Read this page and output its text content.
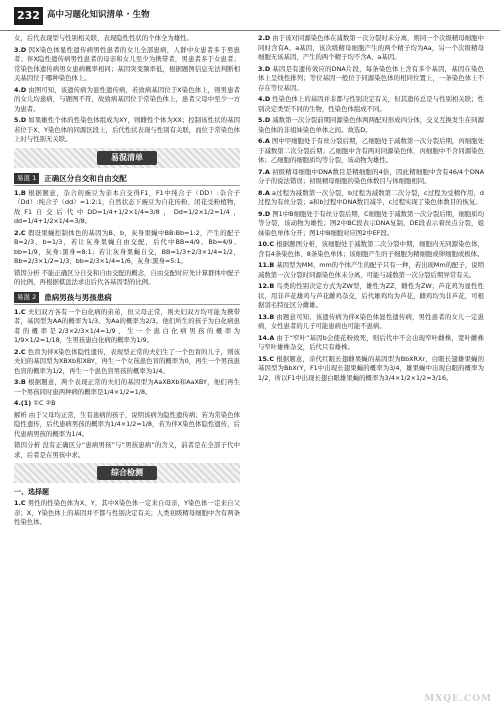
232 高中习题化知识清单 · 生物

女，后代表现型与性别相关联，表现隐性性状的个体全为雄性。

3.D 因X染色体显性遗传病男性患者的女儿全部患病，人群中女患者多于男患者；伴X隐性遗传病男性患者的母亲和女儿至少为携带者，男患者多于女患者；常染色体遗传病男女患病概率相同；基因突变频率低，根据题图信息无法判断相关基因位于哪种染色体上。

4.D 由图可知，该遗传病为显性遗传病，若致病基因位于X染色体上，则男患者的女儿均患病，与题图不符，故致病基因位于常染色体上，患者父母中至少一方为患者。

5.D 如果雄性个体的性染色体组成为XY，则雌性个体为XX；控制该性状的基因若位于X、Y染色体的同源区段上，后代性状表现与性别有关联，而位于常染色体上时与性别无关联。

易混清单
易混 1	正确区分自交和自由交配

1.B 根据题意，杂合的豌豆为亲本自交得F1，F1中纯合子（DD）:杂合子（Dd）:纯合子（dd）=1:2:1，自然状态下豌豆为自花传粉、闭花受粉植物，故F1自交后代中DD=1/4+1/2×1/4=3/8，Dd=1/2×1/2=1/4，dd=1/4+1/2×1/4=3/8。

2.C 假设果蝇控制体色的基因为B、b，灰身果蝇中BB:Bb=1:2，产生的配子B=2/3、b=1/3，若让灰身果蝇自由交配，后代中BB=4/9、Bb=4/9、bb=1/9，灰身:黑身=8:1；若让灰身果蝇自交，BB=1/3+2/3×1/4=1/2，Bb=2/3×1/2=1/3，bb=2/3×1/4=1/6，灰身:黑身=5:1。

错因分析 不能正确区分自交和自由交配的概念，自由交配时应先计算群体中配子的比例，再根据棋盘法求出后代各基因型的比例。

易混 2	患病男孩与男孩患病

1.C 夫妇双方各有一个白化病的弟弟，但父母正常，则夫妇双方均可能为携带者，基因型为AA的概率为1/3、为Aa的概率为2/3。他们所生的孩子为白化病患者的概率是2/3×2/3×1/4=1/9，生一个患白化病男孩的概率为1/9×1/2=1/18，生男孩患白化病的概率为1/9。

2.C 色盲为伴X染色体隐性遗传，表现型正常的夫妇生了一个色盲的儿子，则该夫妇的基因型为XBXb和XBY，再生一个女孩患色盲的概率为0，再生一个男孩患色盲的概率为1/2，再生一个患色盲男孩的概率为1/4。

3.B 根据题意，两个表现正常的夫妇的基因型为AaXBXb和AaXBY，他们再生一个男孩同时患两种病的概率是1/4×1/2=1/8。

4.(1) ①C ②B

解析 由于父母均正常，生有患病的孩子，说明该病为隐性遗传病；若为常染色体隐性遗传，后代患病男孩的概率为1/4×1/2=1/8，若为伴X染色体隐性遗传，后代患病男孩的概率为1/4。

错因分析 没有正确区分“患病男孩”与“男孩患病”的含义，前者是在全部子代中求，后者是在男孩中求。

综合检测
一、选择题

1.C 男性的性染色体为X、Y，其中X染色体一定来自母亲，Y染色体一定来自父亲；X、Y染色体上的基因并不都与性别决定有关；人类初级精母细胞中含有两条性染色体。

2.D 由于该对同源染色体在减数第一次分裂时未分离，则同一个次级精母细胞中同时含有A、a基因，该次级精母细胞产生的两个精子均为Aa，另一个次级精母细胞无该基因，产生的两个精子均不含A、a基因。

3.D 基因是有遗传效应的DNA片段，每条染色体上含有多个基因，基因在染色体上呈线性排列；等位基因一般位于同源染色体的相同位置上，一条染色体上不存在等位基因。

4.D 性染色体上的基因并非都与性别决定有关，但其遗传总是与性别相关联；性别决定类型不同的生物，性染色体组成不同。

5.D 减数第一次分裂前期同源染色体两两配对形成四分体，交叉互换发生在同源染色体的非姐妹染色单体之间。故选D。

6.A 图中甲细胞处于有丝分裂后期，乙细胞处于减数第一次分裂后期，丙细胞处于减数第二次分裂后期；乙细胞中含有两对同源染色体，丙细胞中不含同源染色体；乙细胞的细胞质均等分裂，该动物为雄性。

7.A 初级精母细胞中DNA数目是精细胞的4倍，因此精细胞中含有46/4个DNA分子的说法错误；初级精母细胞的染色体数目与体细胞相同。

8.A a过程为减数第一次分裂，b过程为减数第二次分裂，c过程为受精作用，d过程为有丝分裂；a和b过程中DNA数目减半，c过程实现了染色体数目的恢复。

9.D 图1中B细胞处于有丝分裂后期，C细胞处于减数第一次分裂后期，细胞质均等分裂，该动物为雄性；图2中BC段表示DNA复制，DE段表示着丝点分裂，姐妹染色单体分开；图1中B细胞对应图2中EF段。

10.C 根据题图分析，该细胞处于减数第二次分裂中期，细胞内无同源染色体，含有4条染色体、8条染色单体；该细胞产生的子细胞为精细胞或卵细胞或极体。

11.B 基因型为MM、mm的个体产生的配子只有一种，若出现Mm的配子，说明减数第一次分裂时同源染色体未分离，可能与减数第一次分裂后期异常有关。

12.B 鸟类的性别决定方式为ZW型，雄性为ZZ，雌性为ZW；芦花鸡为显性性状，用非芦花雄鸡与芦花雌鸡杂交，后代雄鸡均为芦花，雌鸡均为非芦花，可根据羽毛特征区分雌雄。

13.B 由题意可知，该遗传病为伴X染色体显性遗传病，男性患者的女儿一定患病，女性患者的儿子可能患病也可能不患病。

14.A 由于“窄叶”基因b会使花粉致死，则后代中不会出现窄叶雌株，宽叶雌株与窄叶雄株杂交，后代只有雄株。

15.C 根据题意，亲代红眼长翅雌果蝇的基因型为BbXRXr，白眼长翅雄果蝇的基因型为BbXrY，F1中出现长翅果蝇的概率为3/4，雄果蝇中出现白眼的概率为1/2，所以F1中出现长翅白眼雄果蝇的概率为3/4×1/2×1/2=3/16。

MXQE.COM
